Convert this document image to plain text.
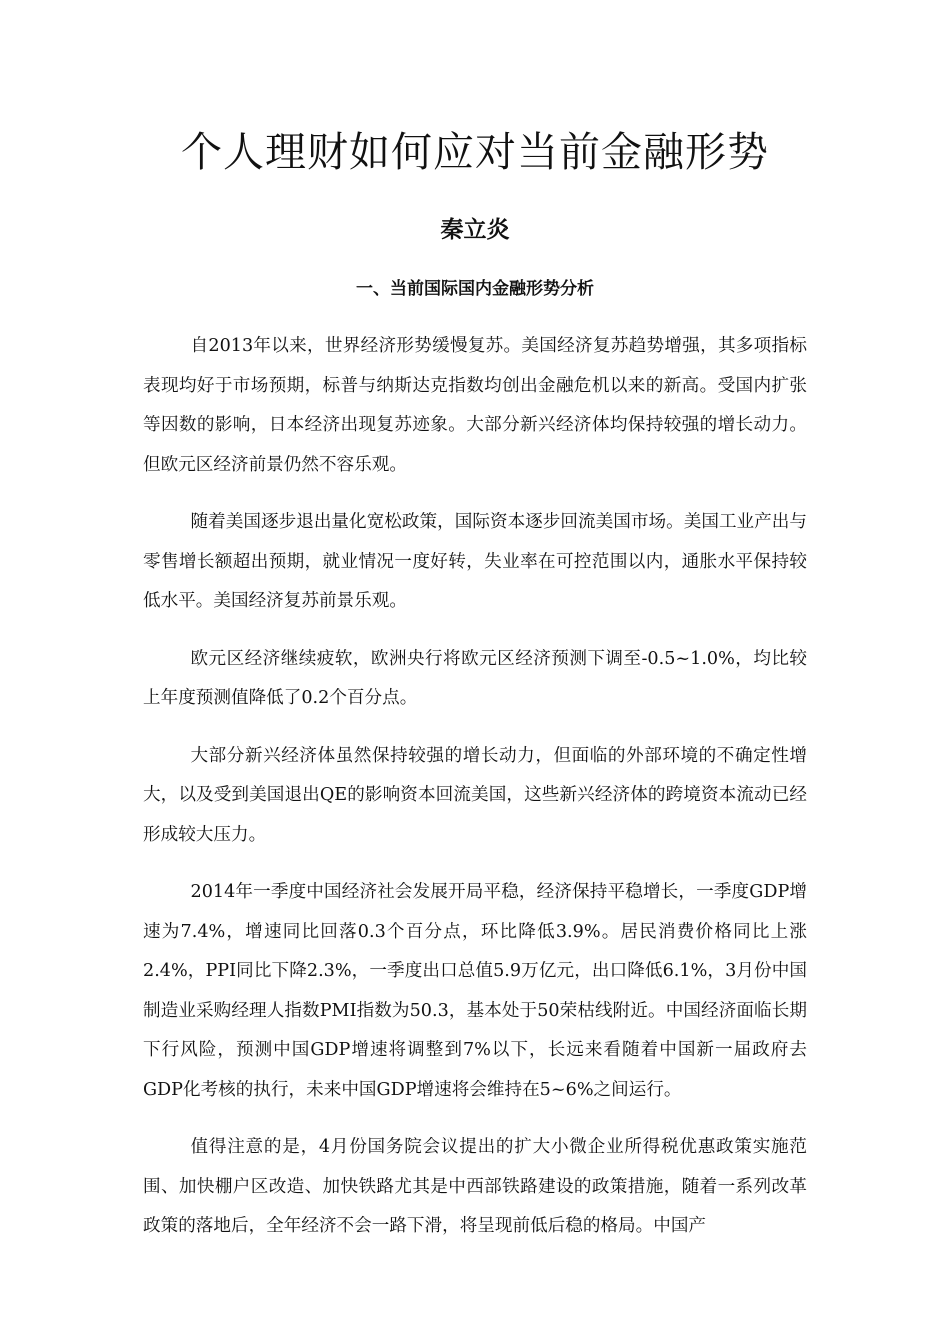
个人理财如何应对当前金融形势

秦立炎

一、当前国际国内金融形势分析

自2013年以来，世界经济形势缓慢复苏。美国经济复苏趋势增强，其多项指标表现均好于市场预期，标普与纳斯达克指数均创出金融危机以来的新高。受国内扩张等因数的影响，日本经济出现复苏迹象。大部分新兴经济体均保持较强的增长动力。但欧元区经济前景仍然不容乐观。

随着美国逐步退出量化宽松政策，国际资本逐步回流美国市场。美国工业产出与零售增长额超出预期，就业情况一度好转，失业率在可控范围以内，通胀水平保持较低水平。美国经济复苏前景乐观。

欧元区经济继续疲软，欧洲央行将欧元区经济预测下调至-0.5~1.0%，均比较上年度预测值降低了0.2个百分点。

大部分新兴经济体虽然保持较强的增长动力，但面临的外部环境的不确定性增大，以及受到美国退出QE的影响资本回流美国，这些新兴经济体的跨境资本流动已经形成较大压力。

2014年一季度中国经济社会发展开局平稳，经济保持平稳增长，一季度GDP增速为7.4%，增速同比回落0.3个百分点，环比降低3.9%。居民消费价格同比上涨2.4%，PPI同比下降2.3%，一季度出口总值5.9万亿元，出口降低6.1%，3月份中国制造业采购经理人指数PMI指数为50.3，基本处于50荣枯线附近。中国经济面临长期下行风险，预测中国GDP增速将调整到7%以下，长远来看随着中国新一届政府去GDP化考核的执行，未来中国GDP增速将会维持在5~6%之间运行。

值得注意的是，4月份国务院会议提出的扩大小微企业所得税优惠政策实施范围、加快棚户区改造、加快铁路尤其是中西部铁路建设的政策措施，随着一系列改革政策的落地后，全年经济不会一路下滑，将呈现前低后稳的格局。中国产
